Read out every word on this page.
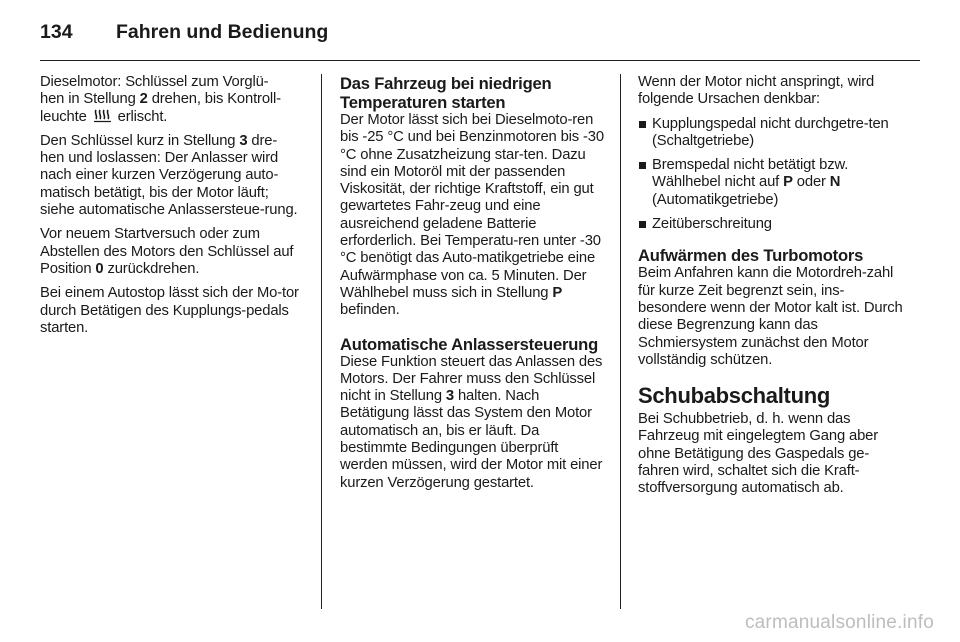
134	Fahren und Bedienung

Dieselmotor: Schlüssel zum Vorglü-
hen in Stellung 2 drehen, bis Kontroll-
leuchte erlischt.

Den Schlüssel kurz in Stellung 3 dre- hen und loslassen: Der Anlasser wird nach einer kurzen Verzögerung auto-matisch betätigt, bis der Motor läuft; siehe automatische Anlassersteue-rung.

Vor neuem Startversuch oder zum Abstellen des Motors den Schlüssel auf Position 0 zurückdrehen.

Bei einem Autostop lässt sich der Mo-tor durch Betätigen des Kupplungs-pedals starten.

Das Fahrzeug bei niedrigen Temperaturen starten

Der Motor lässt sich bei Dieselmoto-ren bis -25 °C und bei Benzinmotoren bis -30 °C ohne Zusatzheizung star-ten. Dazu sind ein Motoröl mit der passenden Viskosität, der richtige Kraftstoff, ein gut gewartetes Fahr-zeug und eine ausreichend geladene Batterie erforderlich. Bei Temperatu-ren unter -30 °C benötigt das Auto-matikgetriebe eine Aufwärmphase von ca. 5 Minuten. Der Wählhebel muss sich in Stellung P befinden.

Automatische Anlassersteuerung

Diese Funktion steuert das Anlassen des Motors. Der Fahrer muss den Schlüssel nicht in Stellung 3 halten. Nach Betätigung lässt das System den Motor automatisch an, bis er läuft. Da bestimmte Bedingungen überprüft werden müssen, wird der Motor mit einer kurzen Verzögerung gestartet.

Wenn der Motor nicht anspringt, wird folgende Ursachen denkbar:

Kupplungspedal nicht durchgetre-ten (Schaltgetriebe)
Bremspedal nicht betätigt bzw. Wählhebel nicht auf P oder N
(Automatikgetriebe)
Zeitüberschreitung
Aufwärmen des Turbomotors

Beim Anfahren kann die Motordreh-zahl für kurze Zeit begrenzt sein, ins-besondere wenn der Motor kalt ist. Durch diese Begrenzung kann das Schmiersystem zunächst den Motor vollständig schützen.

Schubabschaltung

Bei Schubbetrieb, d. h. wenn das Fahrzeug mit eingelegtem Gang aber ohne Betätigung des Gaspedals ge-fahren wird, schaltet sich die Kraft-stoffversorgung automatisch ab.

carmanualsonline.info
